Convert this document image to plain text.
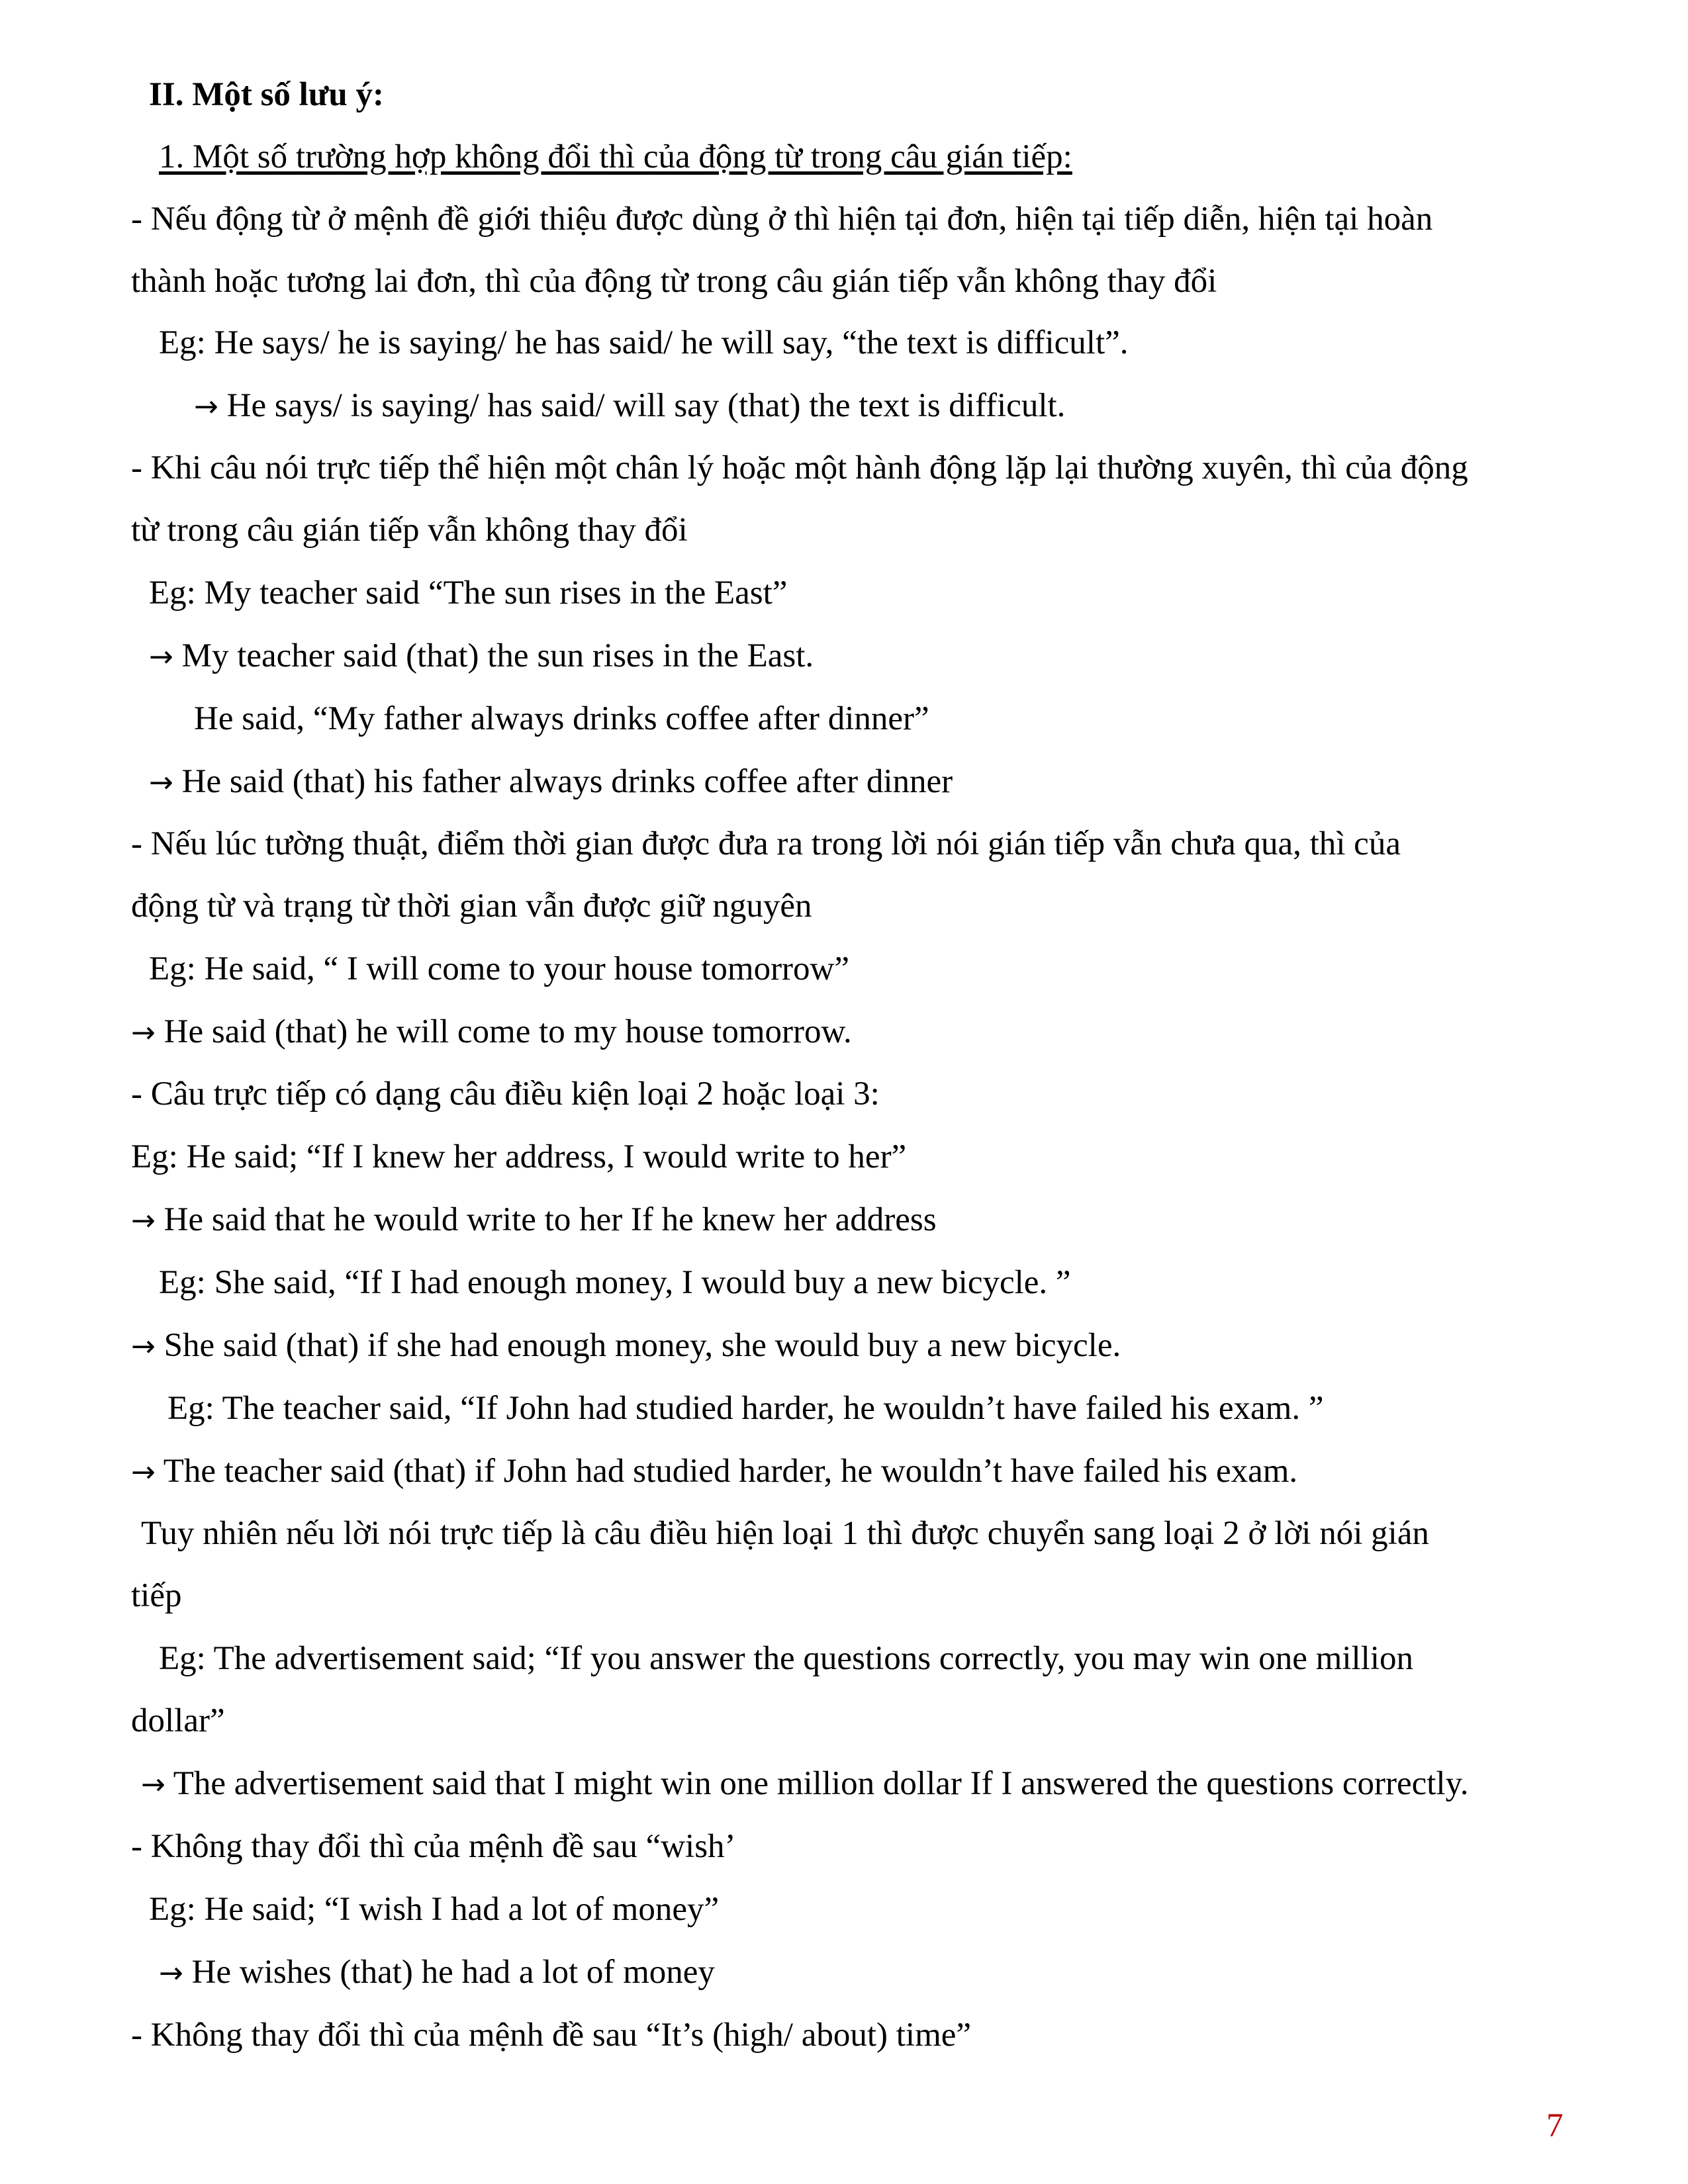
II. Một số lưu ý:
1. Một số trường hợp không đổi thì của động từ trong câu gián tiếp:
- Nếu động từ ở mệnh đề giới thiệu được dùng ở thì hiện tại đơn, hiện tại tiếp diễn, hiện tại hoàn
thành hoặc tương lai đơn, thì của động từ trong câu gián tiếp vẫn không thay đổi
Eg: He says/ he is saying/ he has said/ he will say, “the text is difficult”.
→ He says/ is saying/ has said/ will say (that) the text is difficult.
- Khi câu nói trực tiếp thể hiện một chân lý hoặc một hành động lặp lại thường xuyên, thì của động
từ trong câu gián tiếp vẫn không thay đổi
Eg: My teacher said “The sun rises in the East”
→ My teacher said (that) the sun rises in the East.
He said, “My father always drinks coffee after dinner”
→ He said (that) his father always drinks coffee after dinner
- Nếu lúc tường thuật, điểm thời gian được đưa ra trong lời nói gián tiếp vẫn chưa qua, thì của
động từ và trạng từ thời gian vẫn được giữ nguyên
Eg: He said, “ I will come to your house tomorrow”
→ He said (that) he will come to my house tomorrow.
- Câu trực tiếp có dạng câu điều kiện loại 2 hoặc loại 3:
Eg: He said; “If I knew her address, I would write to her”
→ He said that he would write to her If he knew her address
Eg: She said, “If I had enough money, I would buy a new bicycle. ”
→ She said (that) if she had enough money, she would buy a new bicycle.
Eg: The teacher said, “If John had studied harder, he wouldn’t have failed his exam. ”
→ The teacher said (that) if John had studied harder, he wouldn’t have failed his exam.
Tuy nhiên nếu lời nói trực tiếp là câu điều hiện loại 1 thì được chuyển sang loại 2 ở lời nói gián
tiếp
Eg: The advertisement said; “If you answer the questions correctly, you may win one million
dollar”
→ The advertisement said that I might win one million dollar If I answered the questions correctly.
- Không thay đổi thì của mệnh đề sau “wish’
Eg: He said; “I wish I had a lot of money”
→ He wishes (that) he had a lot of money
- Không thay đổi thì của mệnh đề sau “It’s (high/ about) time”
7
